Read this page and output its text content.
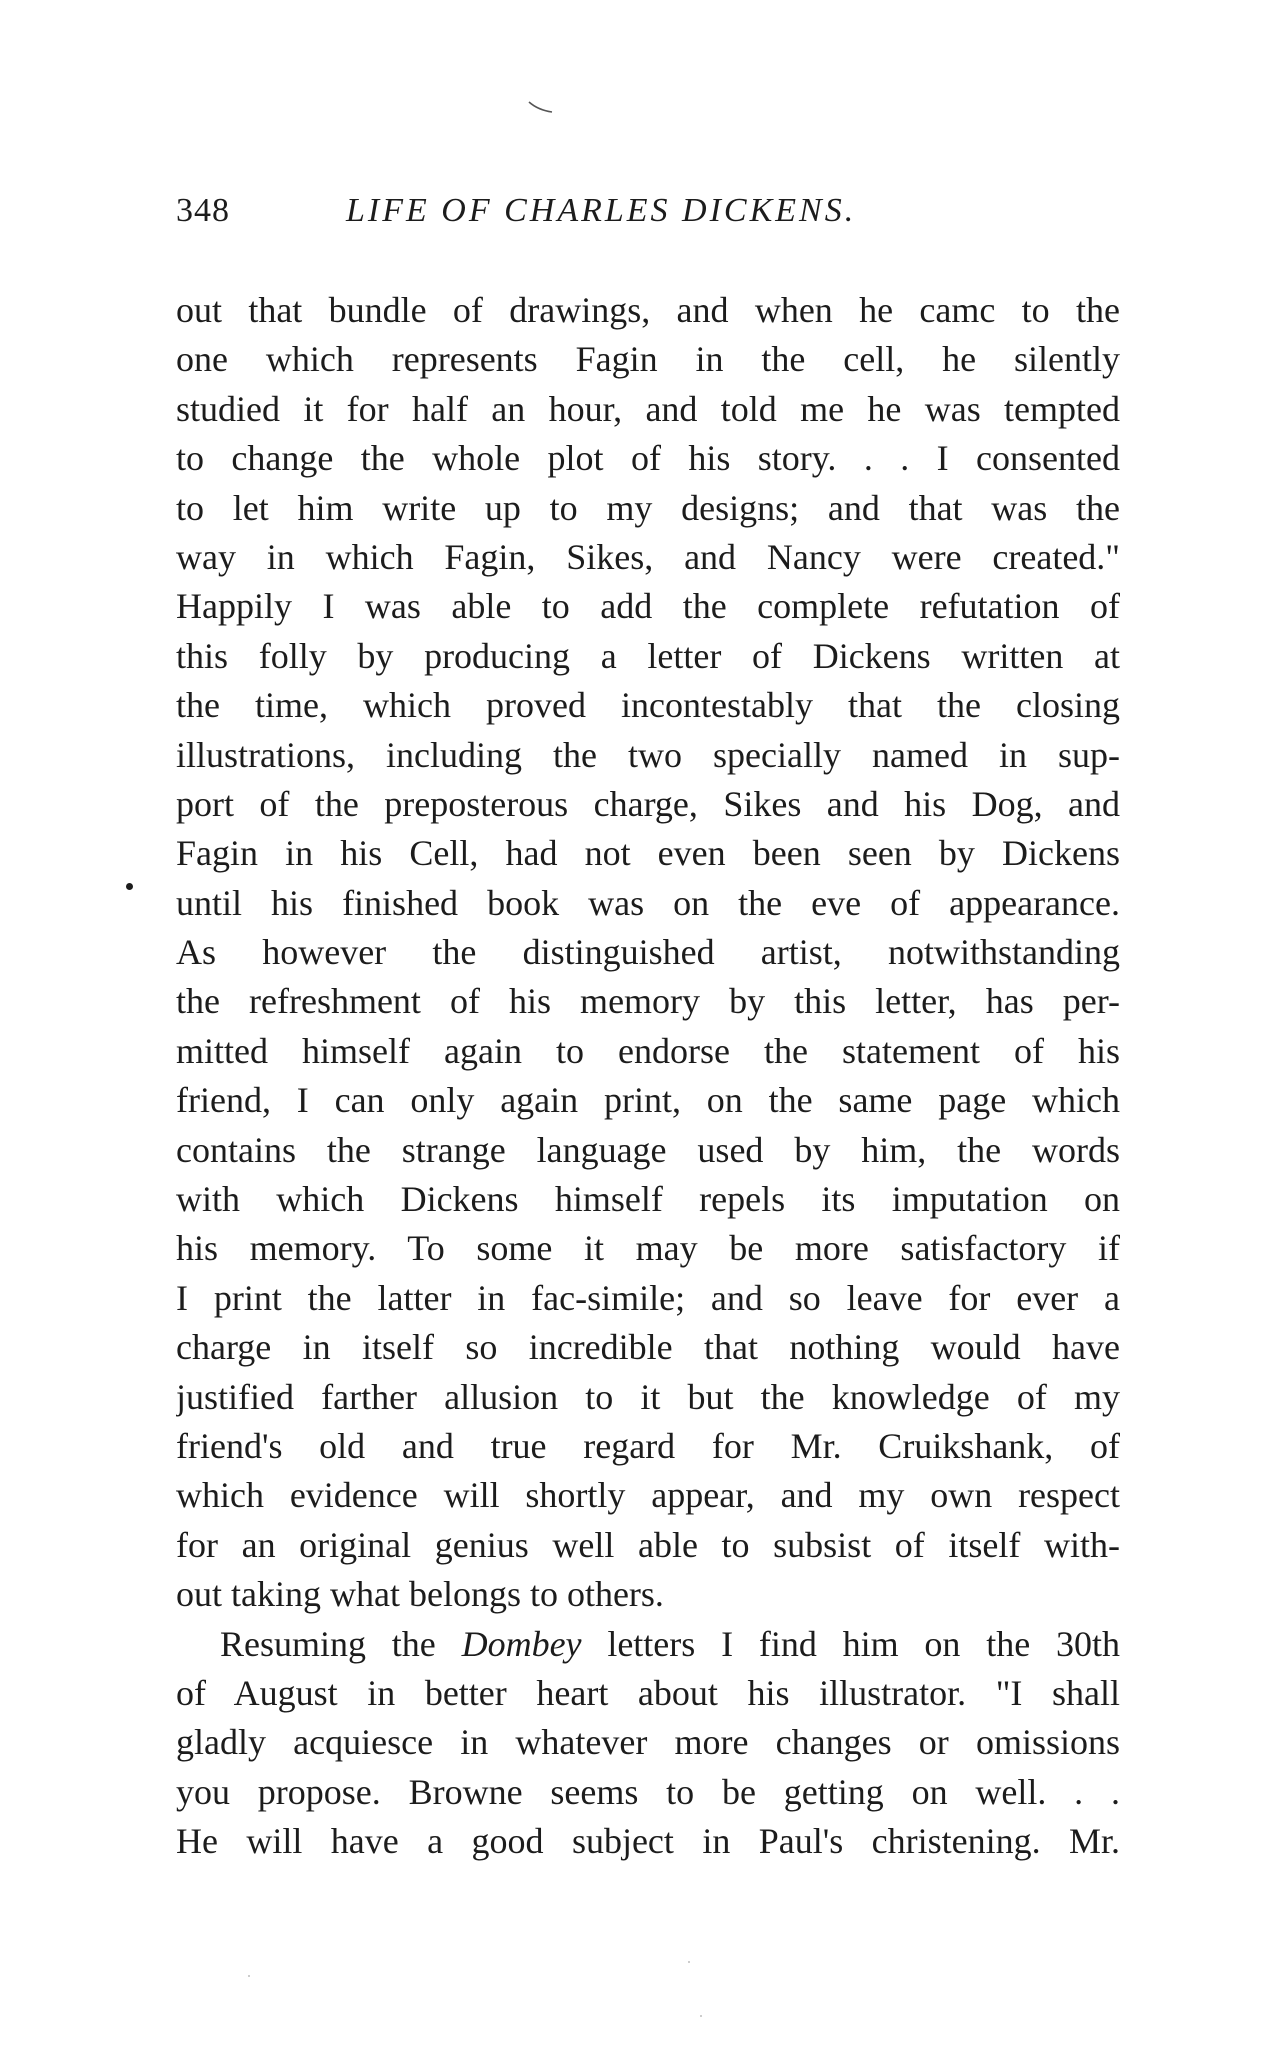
348	LIFE OF CHARLES DICKENS.
out that bundle of drawings, and when he camc to the
one which represents Fagin in the cell, he silently
studied it for half an hour, and told me he was tempted
to change the whole plot of his story. . . I consented
to let him write up to my designs; and that was the
way in which Fagin, Sikes, and Nancy were created."
Happily I was able to add the complete refutation of
this folly by producing a letter of Dickens written at
the time, which proved incontestably that the closing
illustrations, including the two specially named in sup-
port of the preposterous charge, Sikes and his Dog, and
Fagin in his Cell, had not even been seen by Dickens
until his finished book was on the eve of appearance.
As however the distinguished artist, notwithstanding
the refreshment of his memory by this letter, has per-
mitted himself again to endorse the statement of his
friend, I can only again print, on the same page which
contains the strange language used by him, the words
with which Dickens himself repels its imputation on
his memory. To some it may be more satisfactory if
I print the latter in fac-simile; and so leave for ever a
charge in itself so incredible that nothing would have
justified farther allusion to it but the knowledge of my
friend's old and true regard for Mr. Cruikshank, of
which evidence will shortly appear, and my own respect
for an original genius well able to subsist of itself with-
out taking what belongs to others.
Resuming the Dombey letters I find him on the 30th
of August in better heart about his illustrator. "I shall
gladly acquiesce in whatever more changes or omissions
you propose. Browne seems to be getting on well. . .
He will have a good subject in Paul's christening. Mr.
